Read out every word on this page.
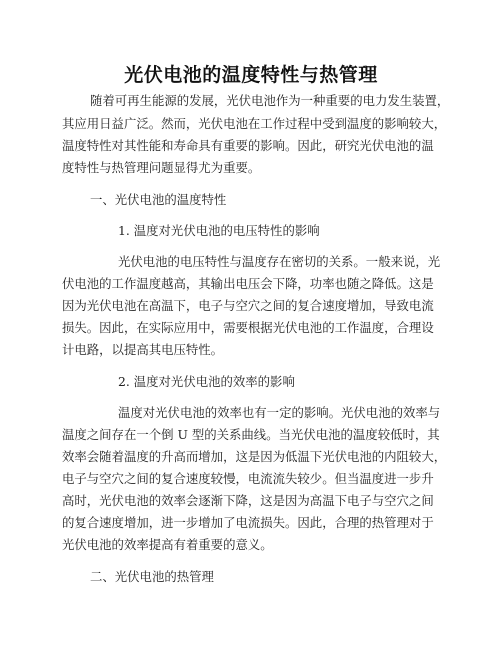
光伏电池的温度特性与热管理
随着可再生能源的发展，光伏电池作为一种重要的电力发生装置，
其应用日益广泛。然而，光伏电池在工作过程中受到温度的影响较大，
温度特性对其性能和寿命具有重要的影响。因此，研究光伏电池的温
度特性与热管理问题显得尤为重要。
一、光伏电池的温度特性
1. 温度对光伏电池的电压特性的影响
光伏电池的电压特性与温度存在密切的关系。一般来说，光
伏电池的工作温度越高，其输出电压会下降，功率也随之降低。这是
因为光伏电池在高温下，电子与空穴之间的复合速度增加，导致电流
损失。因此，在实际应用中，需要根据光伏电池的工作温度，合理设
计电路，以提高其电压特性。
2. 温度对光伏电池的效率的影响
温度对光伏电池的效率也有一定的影响。光伏电池的效率与
温度之间存在一个倒 U 型的关系曲线。当光伏电池的温度较低时，其
效率会随着温度的升高而增加，这是因为低温下光伏电池的内阻较大，
电子与空穴之间的复合速度较慢，电流流失较少。但当温度进一步升
高时，光伏电池的效率会逐渐下降，这是因为高温下电子与空穴之间
的复合速度增加，进一步增加了电流损失。因此，合理的热管理对于
光伏电池的效率提高有着重要的意义。
二、光伏电池的热管理
